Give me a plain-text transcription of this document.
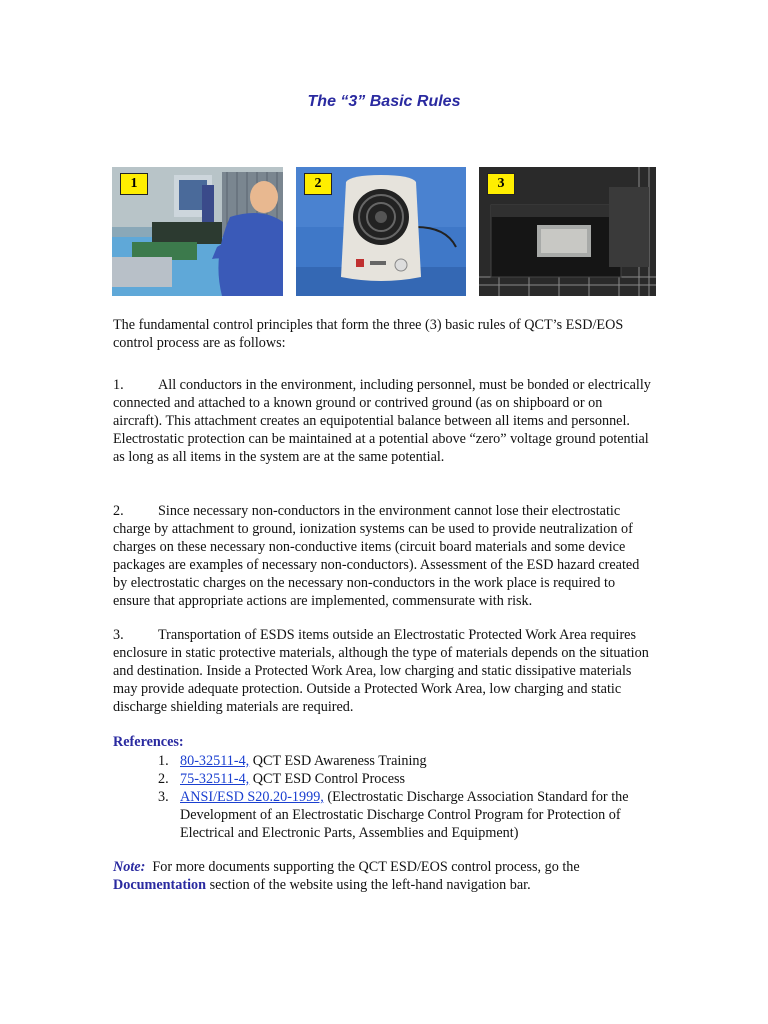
The “3” Basic Rules
1	2	3
The fundamental control principles that form the three (3) basic rules of QCT’s ESD/EOS control process are as follows:
1. All conductors in the environment, including personnel, must be bonded or electrically connected and attached to a known ground or contrived ground (as on shipboard or on aircraft). This attachment creates an equipotential balance between all items and personnel. Electrostatic protection can be maintained at a potential above “zero” voltage ground potential as long as all items in the system are at the same potential.
2. Since necessary non-conductors in the environment cannot lose their electrostatic charge by attachment to ground, ionization systems can be used to provide neutralization of charges on these necessary non-conductive items (circuit board materials and some device packages are examples of necessary non-conductors). Assessment of the ESD hazard created by electrostatic charges on the necessary non-conductors in the work place is required to ensure that appropriate actions are implemented, commensurate with risk.
3. Transportation of ESDS items outside an Electrostatic Protected Work Area requires enclosure in static protective materials, although the type of materials depends on the situation and destination. Inside a Protected Work Area, low charging and static dissipative materials may provide adequate protection. Outside a Protected Work Area, low charging and static discharge shielding materials are required.
References:
1. 80-32511-4, QCT ESD Awareness Training
2. 75-32511-4, QCT ESD Control Process
3. ANSI/ESD S20.20-1999, (Electrostatic Discharge Association Standard for the Development of an Electrostatic Discharge Control Program for Protection of Electrical and Electronic Parts, Assemblies and Equipment)
Note:  For more documents supporting the QCT ESD/EOS control process, go the
Documentation section of the website using the left-hand navigation bar.
